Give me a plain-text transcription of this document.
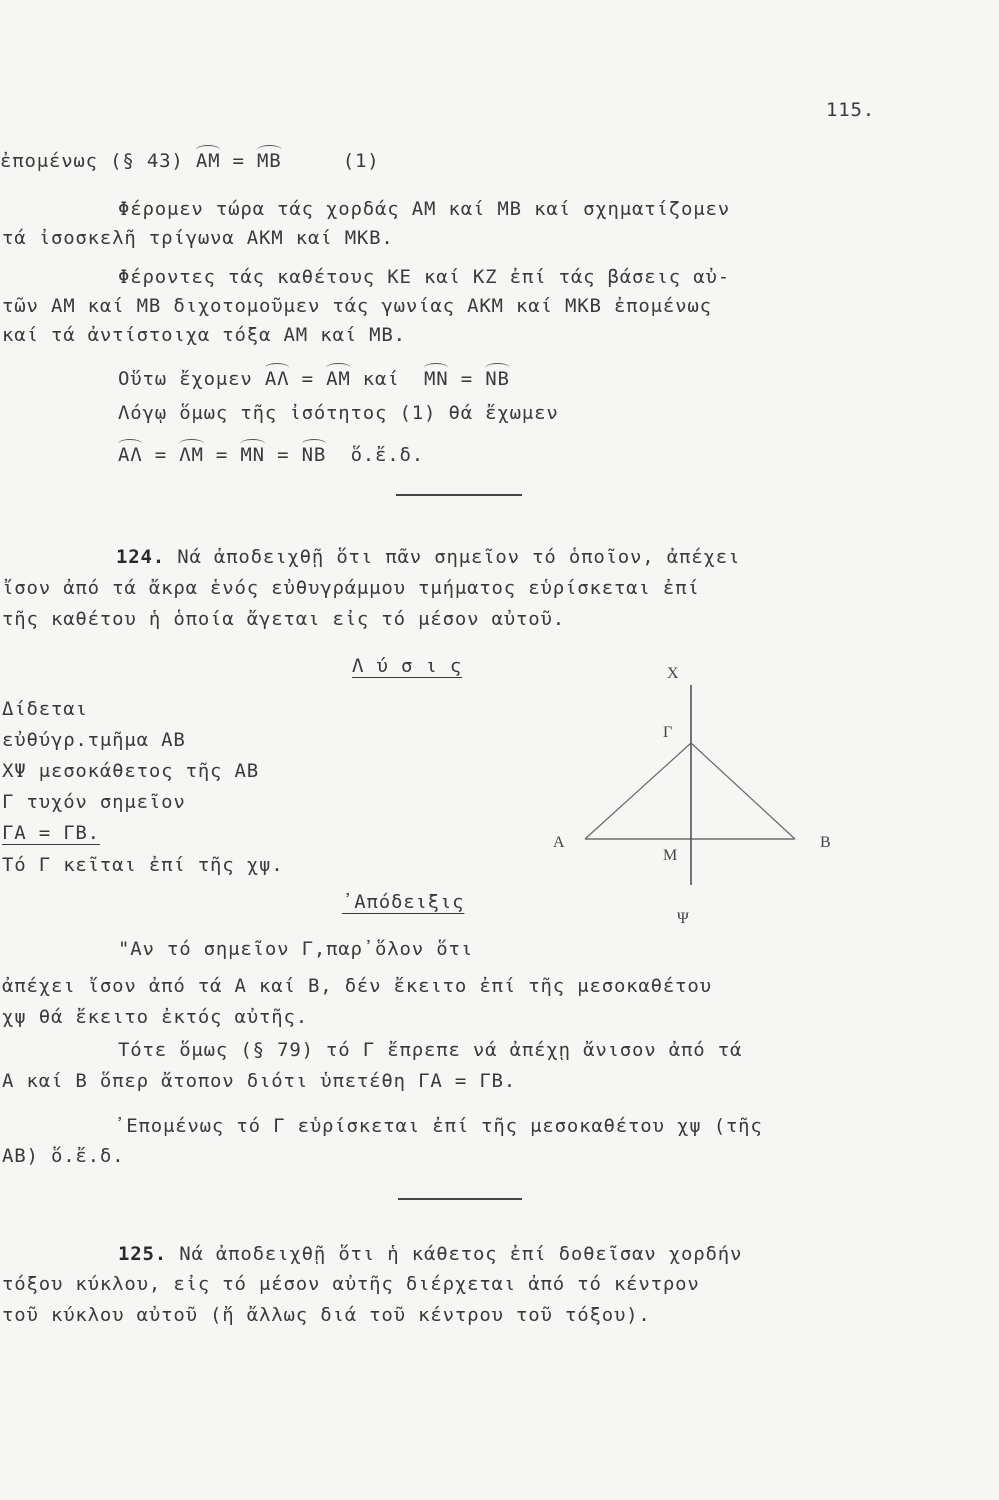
115.
ἐπομένως (§ 43) ΑΜ = ΜΒ     (1)
Φέρομεν τώρα τάς χορδάς ΑΜ καί ΜΒ καί σχηματίζομεν
τά ἰσοσκελῆ τρίγωνα ΑΚΜ καί ΜΚΒ.
Φέροντες τάς καθέτους ΚΕ καί ΚΖ ἐπί τάς βάσεις αὐ-
τῶν ΑΜ καί ΜΒ διχοτομοῦμεν τάς γωνίας ΑΚΜ καί ΜΚΒ ἐπομένως
καί τά ἀντίστοιχα τόξα ΑΜ καί ΜΒ.
Οὕτω ἔχομεν ΑΛ = ΑΜ καί  ΜΝ = ΝΒ
Λόγῳ ὅμως τῆς ἰσότητος (1) θά ἔχωμεν
ΑΛ = ΛΜ = ΜΝ = ΝΒ  ὅ.ἔ.δ.
124. Νά ἀποδειχθῇ ὅτι πᾶν σημεῖον τό ὁποῖον, ἀπέχει
ἴσον ἀπό τά ἄκρα ἑνός εὐθυγράμμου τμήματος εὑρίσκεται ἐπί
τῆς καθέτου ἡ ὁποία ἄγεται εἰς τό μέσον αὐτοῦ.
Λ ύ σ ι ς
Δίδεται
εὐθύγρ.τμῆμα ΑΒ
ΧΨ μεσοκάθετος τῆς ΑΒ
Γ τυχόν σημεῖον
ΓΑ = ΓΒ.
Τό Γ κεῖται ἐπί τῆς χψ.
᾽Απόδειξις
Χ
Γ
Α	Β
Μ
Ψ
"Αν τό σημεῖον Γ,παρ᾽ὅλον ὅτι
ἀπέχει ἴσον ἀπό τά Α καί Β, δέν ἔκειτο ἐπί τῆς μεσοκαθέτου
χψ θά ἔκειτο ἐκτός αὐτῆς.
Τότε ὅμως (§ 79) τό Γ ἔπρεπε νά ἀπέχῃ ἄνισον ἀπό τά
Α καί Β ὅπερ ἄτοπον διότι ὑπετέθη ΓΑ = ΓΒ.
᾽Επομένως τό Γ εὑρίσκεται ἐπί τῆς μεσοκαθέτου χψ (τῆς
ΑΒ) ὅ.ἔ.δ.
125. Νά ἀποδειχθῇ ὅτι ἡ κάθετος ἐπί δοθεῖσαν χορδήν
τόξου κύκλου, εἰς τό μέσον αὐτῆς διέρχεται ἀπό τό κέντρον
τοῦ κύκλου αὐτοῦ (ἤ ἄλλως διά τοῦ κέντρου τοῦ τόξου).
